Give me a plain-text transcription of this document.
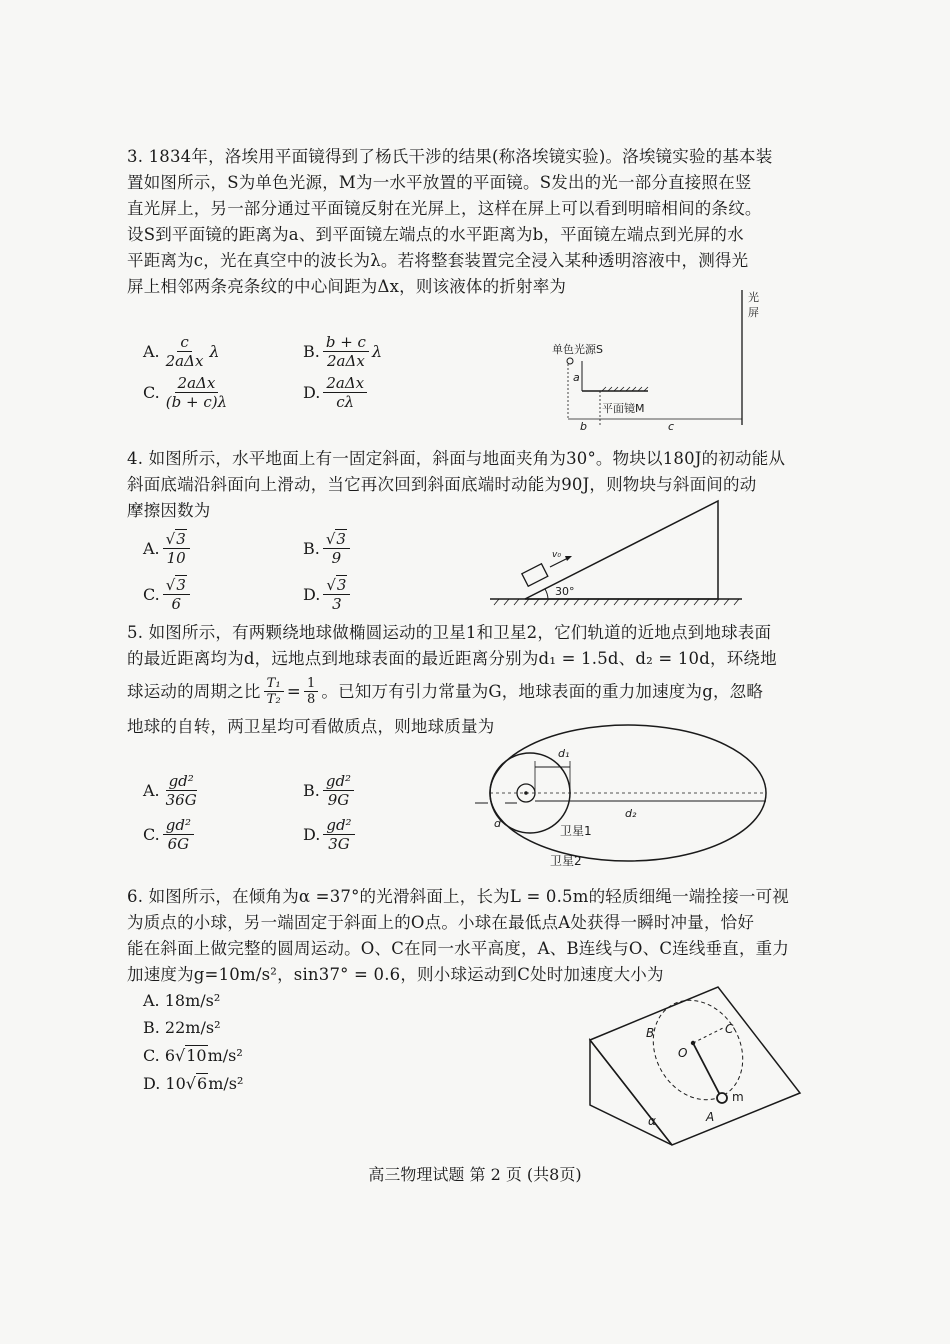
3. 1834年，洛埃用平面镜得到了杨氏干涉的结果(称洛埃镜实验)。洛埃镜实验的基本装
置如图所示，S为单色光源，M为一水平放置的平面镜。S发出的光一部分直接照在竖
直光屏上，另一部分通过平面镜反射在光屏上，这样在屏上可以看到明暗相间的条纹。
设S到平面镜的距离为a、到平面镜左端点的水平距离为b，平面镜左端点到光屏的水
平距离为c，光在真空中的波长为λ。若将整套装置完全浸入某种透明溶液中，测得光
屏上相邻两条亮条纹的中心间距为Δx，则该液体的折射率为
A. $\frac{c}{\text{2aΔx}}$ λ	B. $\frac{b + c}{\text{2aΔx}}$ λ
C. $\frac{\text{2aΔx}}{(b + c)\lambda}$	D. $\frac{\text{2aΔx}}{c\lambda}$
光
屏
单色光源S
a
平面镜M
b	c
4. 如图所示，水平地面上有一固定斜面，斜面与地面夹角为30°。物块以180J的初动能从
斜面底端沿斜面向上滑动，当它再次回到斜面底端时动能为90J，则物块与斜面间的动
摩擦因数为
A. $\frac{√3}{10}$	B. $\frac{√3}{9}$
C. $\frac{√3}{6}$	D. $\frac{√3}{3}$
v₀
30°
5. 如图所示，有两颗绕地球做椭圆运动的卫星1和卫星2，它们轨道的近地点到地球表面
的最近距离均为d，远地点到地球表面的最近距离分别为d₁ = 1.5d、d₂ = 10d，环绕地
球运动的周期之比 $\frac{\text{T₁}}{\text{T₂}} = \frac{1}{8}$ 。已知万有引力常量为G，地球表面的重力加速度为g，忽略
地球的自转，两卫星均可看做质点，则地球质量为
A. $\frac{\text{gd²}}{36G}$	B. $\frac{\text{gd²}}{9G}$
C. $\frac{\text{gd²}}{6G}$	D. $\frac{\text{gd²}}{3G}$
d₁
d₂
d
卫星1
卫星2
6. 如图所示，在倾角为α =37°的光滑斜面上，长为L = 0.5m的轻质细绳一端拴接一可视
为质点的小球，另一端固定于斜面上的O点。小球在最低点A处获得一瞬时冲量，恰好
能在斜面上做完整的圆周运动。O、C在同一水平高度，A、B连线与O、C连线垂直，重力
加速度为g=10m/s²，sin37° = 0.6，则小球运动到C处时加速度大小为
A. 18m/s²
B. 22m/s²
C. 6 √ 10 m/s²
D. 10 √ 6 m/s²
α
B	C
O
A
m
高三物理试题 第 2 页 (共8页)
